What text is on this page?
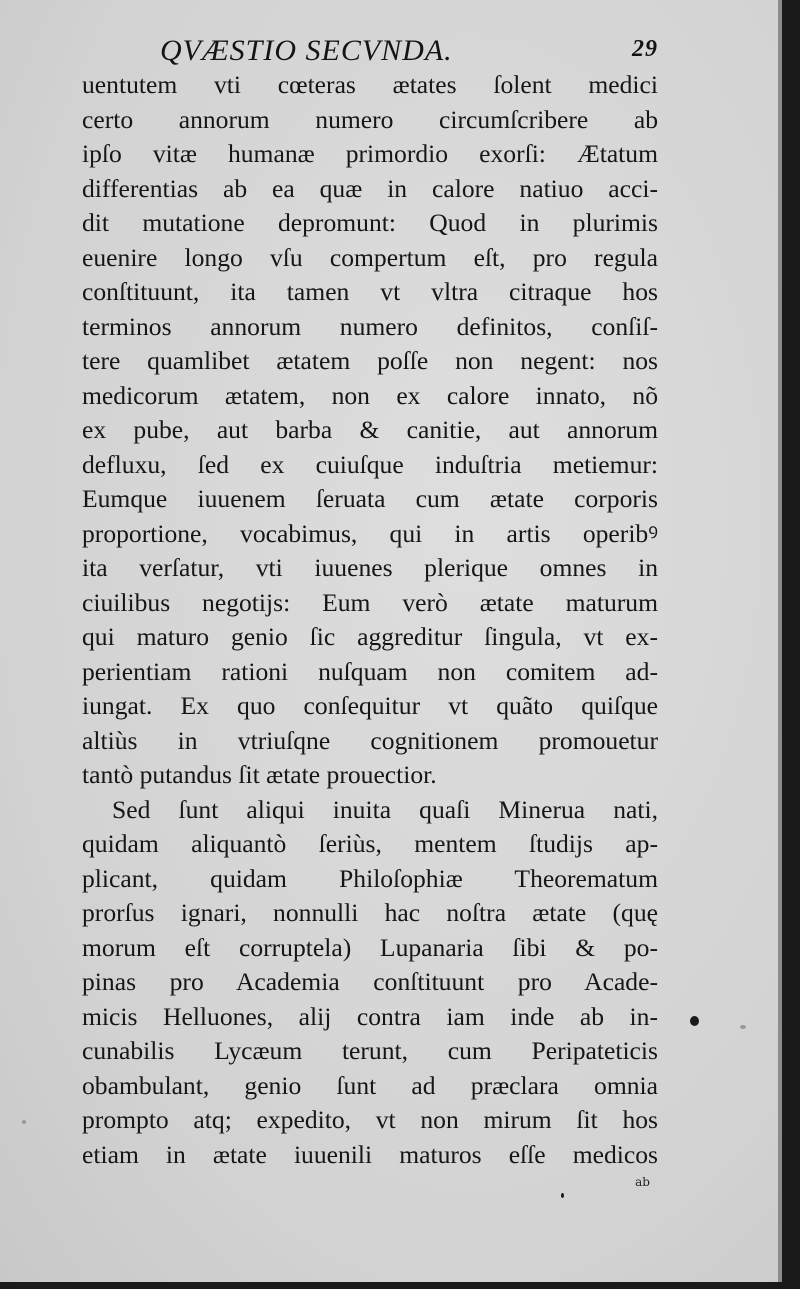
QVÆSTIO SECVNDA.	29
uentutem vti cœteras ætates ſolent medici
certo annorum numero circumſcribere ab
ipſo vitæ humanæ primordio exorſi: Ætatum
differentias ab ea quæ in calore natiuo acci-
dit mutatione depromunt: Quod in plurimis
euenire longo vſu compertum eſt, pro regula
conſtituunt, ita tamen vt vltra citraque hos
terminos annorum numero definitos, conſiſ-
tere quamlibet ætatem poſſe non negent: nos
medicorum ætatem, non ex calore innato, nõ
ex pube, aut barba & canitie, aut annorum
defluxu, ſed ex cuiuſque induſtria metiemur:
Eumque iuuenem ſeruata cum ætate corporis
proportione, vocabimus, qui in artis operibꝰ
ita verſatur, vti iuuenes plerique omnes in
ciuilibus negotijs: Eum verò ætate maturum
qui maturo genio ſic aggreditur ſingula, vt ex-
perientiam rationi nuſquam non comitem ad-
iungat. Ex quo conſequitur vt quãto quiſque
altiùs in vtriuſqne cognitionem promouetur
tantò putandus ſit ætate prouectior.
Sed ſunt aliqui inuita quaſi Mineruа nati,
quidam aliquantò ſeriùs, mentem ſtudijs ap-
plicant, quidam Philoſophiæ Theorematum
prorſus ignari, nonnulli hac noſtra ætate (quę
morum eſt corruptela) Lupanaria ſibi & po-
pinas pro Academia conſtituunt pro Acade-
micis Helluones, alij contra iam inde ab in-
cunabilis Lycæum terunt, cum Peripateticis
obambulant, genio ſunt ad præclara omnia
prompto atq; expedito, vt non mirum ſit hos
etiam in ætate iuuenili maturos eſſe medicos
ab
